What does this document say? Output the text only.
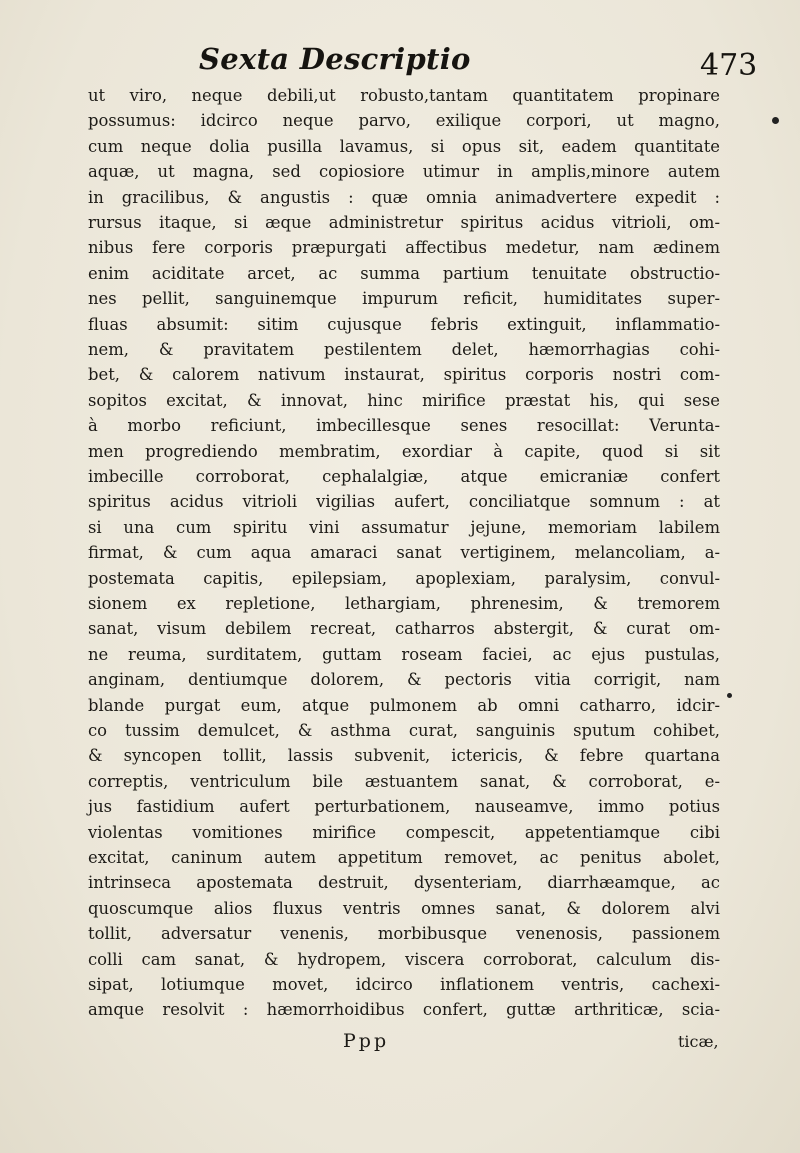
Sexta Descriptio	473
ut viro, neque debili,ut robusto,tantam quantitatem propinare
possumus: idcirco neque parvo, exilique corpori, ut magno,
cum neque dolia pusilla lavamus, si opus sit, eadem quantitate
aquæ, ut magna, sed copiosiore utimur in amplis,minore autem
in gracilibus, & angustis : quæ omnia animadvertere expedit :
rursus itaque, si æque administretur spiritus acidus vitrioli, om-
nibus fere corporis præpurgati affectibus medetur, nam ædinem
enim aciditate arcet, ac summa partium tenuitate obstructio-
nes pellit, sanguinemque impurum reficit, humiditates super-
fluas absumit: sitim cujusque febris extinguit, inflammatio-
nem, & pravitatem pestilentem delet, hæmorrhagias cohi-
bet, & calorem nativum instaurat, spiritus corporis nostri com-
sopitos excitat, & innovat, hinc mirifice præstat his, qui sese
à morbo reficiunt, imbecillesque senes resocillat: Verunta-
men progrediendo membratim, exordiar à capite, quod si sit
imbecille corroborat, cephalalgiæ, atque emicraniæ confert
spiritus acidus vitrioli vigilias aufert, conciliatque somnum : at
si una cum spiritu vini assumatur jejune, memoriam labilem
firmat, & cum aqua amaraci sanat vertiginem, melancoliam, a-
postemata capitis, epilepsiam, apoplexiam, paralysim, convul-
sionem ex repletione, lethargiam, phrenesim, & tremorem
sanat, visum debilem recreat, catharros abstergit, & curat om-
ne reuma, surditatem, guttam roseam faciei, ac ejus pustulas,
anginam, dentiumque dolorem, & pectoris vitia corrigit, nam
blande purgat eum, atque pulmonem ab omni catharro, idcir-
co tussim demulcet, & asthma curat, sanguinis sputum cohibet,
& syncopen tollit, lassis subvenit, ictericis, & febre quartana
correptis, ventriculum bile æstuantem sanat, & corroborat, e-
jus fastidium aufert perturbationem, nauseamve, immo potius
violentas vomitiones mirifice compescit, appetentiamque cibi
excitat, caninum autem appetitum removet, ac penitus abolet,
intrinseca apostemata destruit, dysenteriam, diarrhæamque, ac
quoscumque alios fluxus ventris omnes sanat, & dolorem alvi
tollit, adversatur venenis, morbibusque venenosis, passionem
colli cam sanat, & hydropem, viscera corroborat, calculum dis-
sipat, lotiumque movet, idcirco inflationem ventris, cachexi-
amque resolvit : hæmorrhoidibus confert, guttæ arthriticæ, scia-
Ppp	ticæ,
